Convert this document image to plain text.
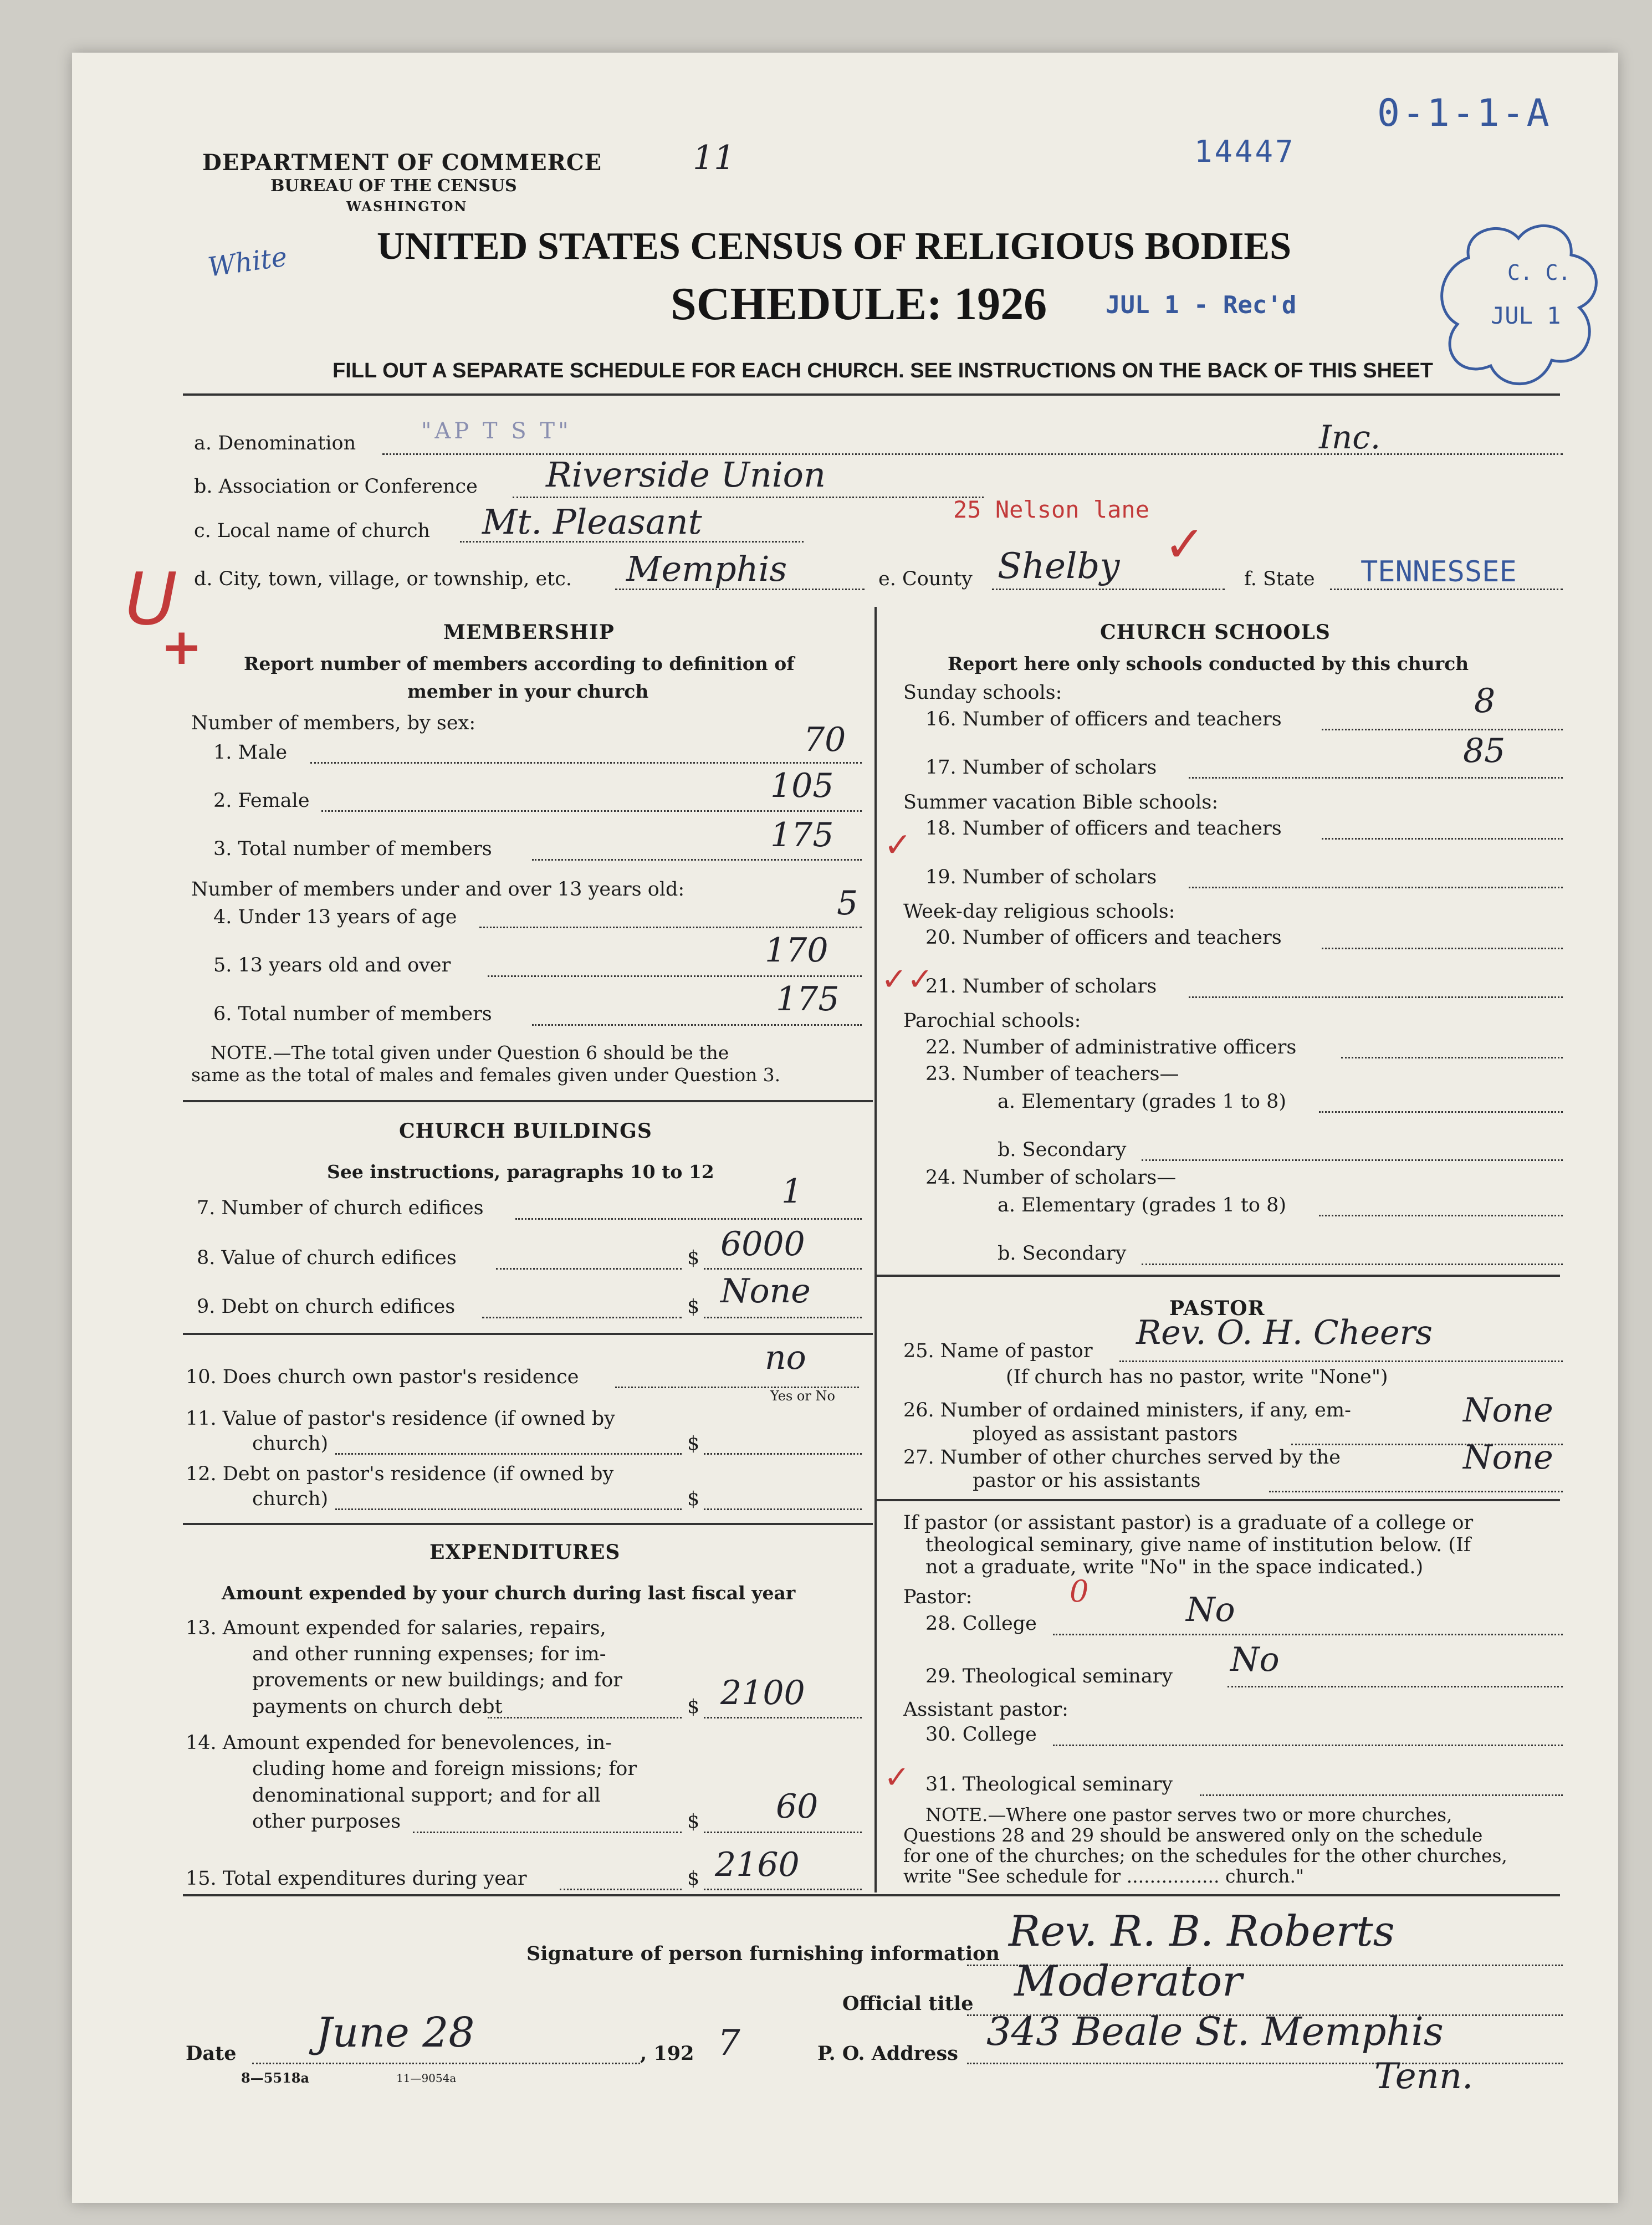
DEPARTMENT OF COMMERCE
BUREAU OF THE CENSUS
WASHINGTON
11	14447
0-1-1-A
White UNITED STATES CENSUS OF RELIGIOUS BODIES
SCHEDULE: 1926 JUL 1 - Rec'd
C. C.
JUL 1
FILL OUT A SEPARATE SCHEDULE FOR EACH CHURCH. SEE INSTRUCTIONS ON THE BACK OF THIS SHEET
a. Denomination	"AP T S T"	Inc.
b. Association or Conference Riverside Union
25 Nelson lane
c. Local name of church Mt. Pleasant
U
+
d. City, town, village, or township, etc. Memphis	e. County Shelby ✓
f. State TENNESSEE
MEMBERSHIP
Report number of members according to definition of
member in your church
Number of members, by sex:
1. Male	70
2. Female	105
3. Total number of members	175 ✓
Number of members under and over 13 years old:
4. Under 13 years of age	5
5. 13 years old and over	170
✓✓
6. Total number of members	175
NOTE.—The total given under Question 6 should be the
same as the total of males and females given under Question 3.
CHURCH BUILDINGS
See instructions, paragraphs 10 to 12
7. Number of church edifices	1
8. Value of church edifices	$ 6000
9. Debt on church edifices	$ None
10. Does church own pastor's residence	no
Yes or No
11. Value of pastor's residence (if owned by
church)	$
12. Debt on pastor's residence (if owned by
church)	$
EXPENDITURES
Amount expended by your church during last fiscal year
13. Amount expended for salaries, repairs,
and other running expenses; for im-
provements or new buildings; and for
payments on church debt	$ 2100
14. Amount expended for benevolences, in-
cluding home and foreign missions; for
denominational support; and for all
other purposes	$ 60
15. Total expenditures during year	$ 2160
CHURCH SCHOOLS
Report here only schools conducted by this church
Sunday schools:
16. Number of officers and teachers	8
17. Number of scholars	85
Summer vacation Bible schools:
18. Number of officers and teachers
19. Number of scholars
Week-day religious schools:
20. Number of officers and teachers
21. Number of scholars
Parochial schools:
22. Number of administrative officers
23. Number of teachers—
a. Elementary (grades 1 to 8)
b. Secondary
24. Number of scholars—
a. Elementary (grades 1 to 8)
b. Secondary
PASTOR
25. Name of pastor Rev. O. H. Cheers
(If church has no pastor, write "None")
26. Number of ordained ministers, if any, em-
ployed as assistant pastors
None
27. Number of other churches served by the
pastor or his assistants
None
If pastor (or assistant pastor) is a graduate of a college or
theological seminary, give name of institution below. (If
not a graduate, write "No" in the space indicated.)
Pastor:	0
28. College	No
29. Theological seminary No
Assistant pastor:
30. College
✓ 31. Theological seminary
NOTE.—Where one pastor serves two or more churches,
Questions 28 and 29 should be answered only on the schedule
for one of the churches; on the schedules for the other churches,
write "See schedule for ................ church."
Signature of person furnishing information Rev. R. B. Roberts
Official title Moderator
Date June 28	, 192 7	P. O. Address 343 Beale St. Memphis
Tenn.
8—5518a	11—9054a
